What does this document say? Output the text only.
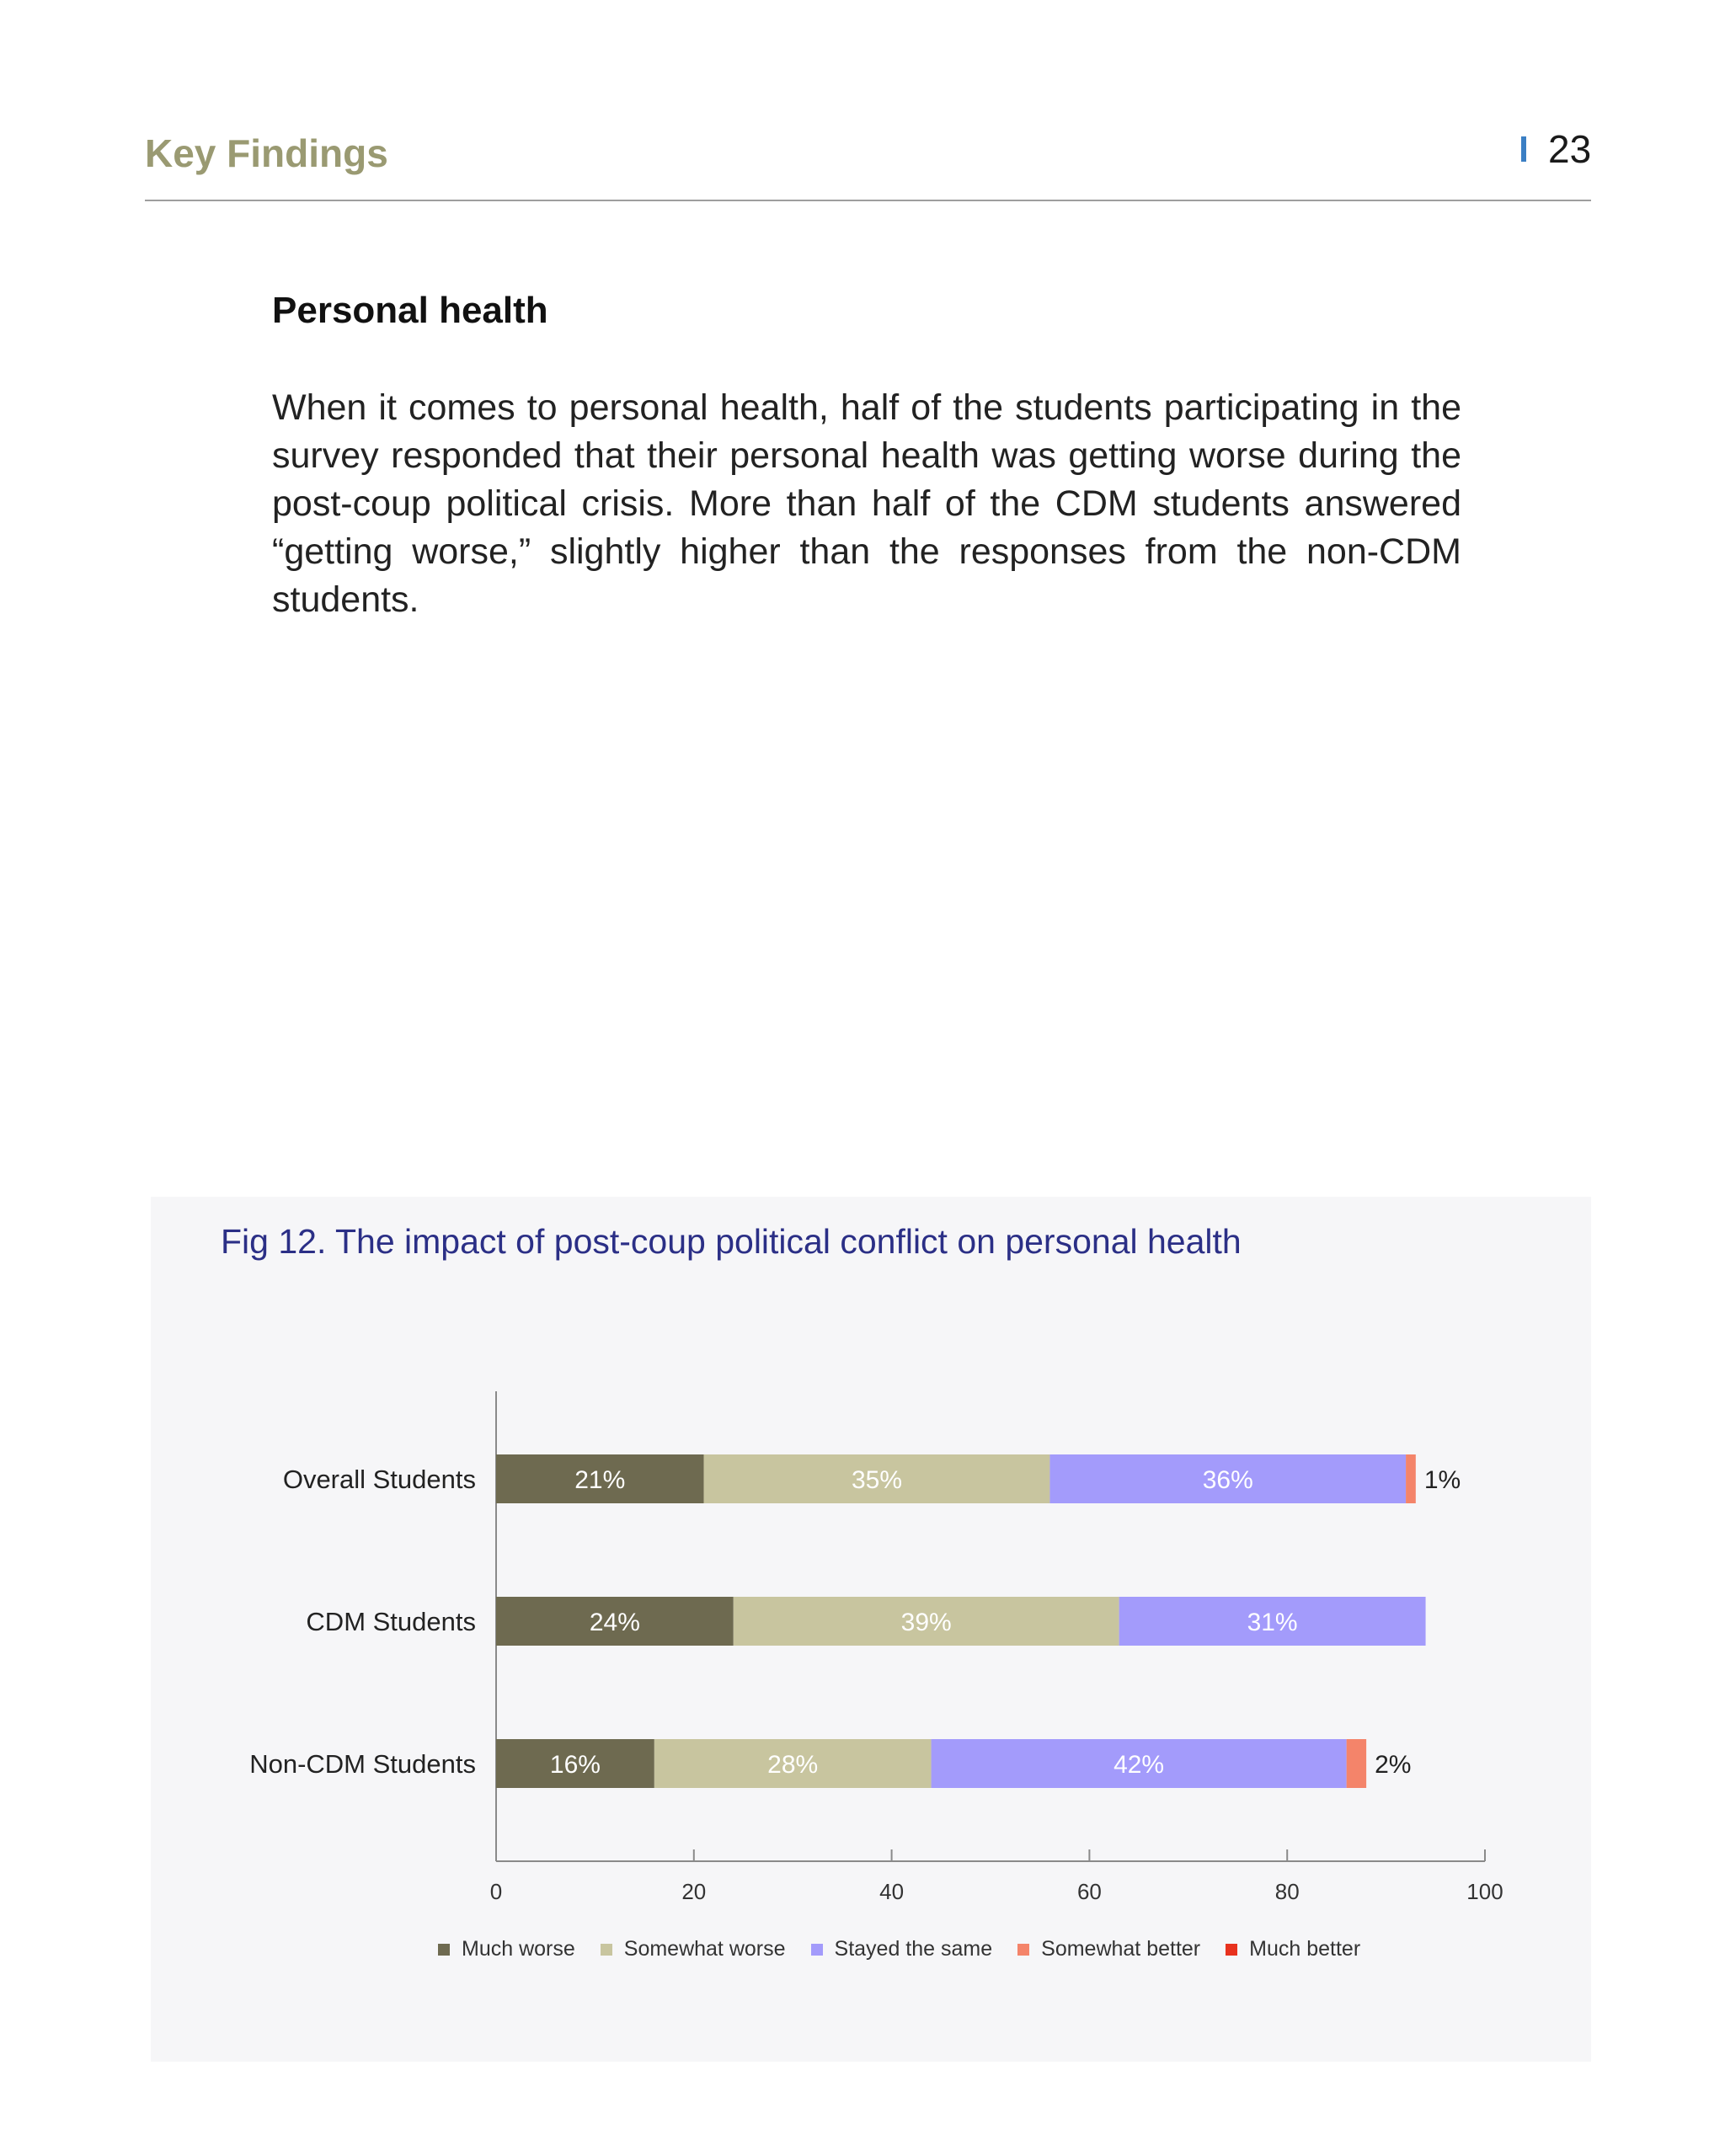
Key Findings	23
Personal health
When it comes to personal health, half of the students participating in the survey responded that their personal health was getting worse during the post-coup political crisis. More than half of the CDM students answered “getting worse,” slightly higher than the responses from the non-CDM students.
Fig 12. The impact of post-coup political conflict on personal health
0	20	40	60	80	100
Overall Students	21%	35%	36%	1%
CDM Students	24%	39%	31%
Non-CDM Students	16%	28%	42%	2%
Much worse Somewhat worse Stayed the same Somewhat better Much better
